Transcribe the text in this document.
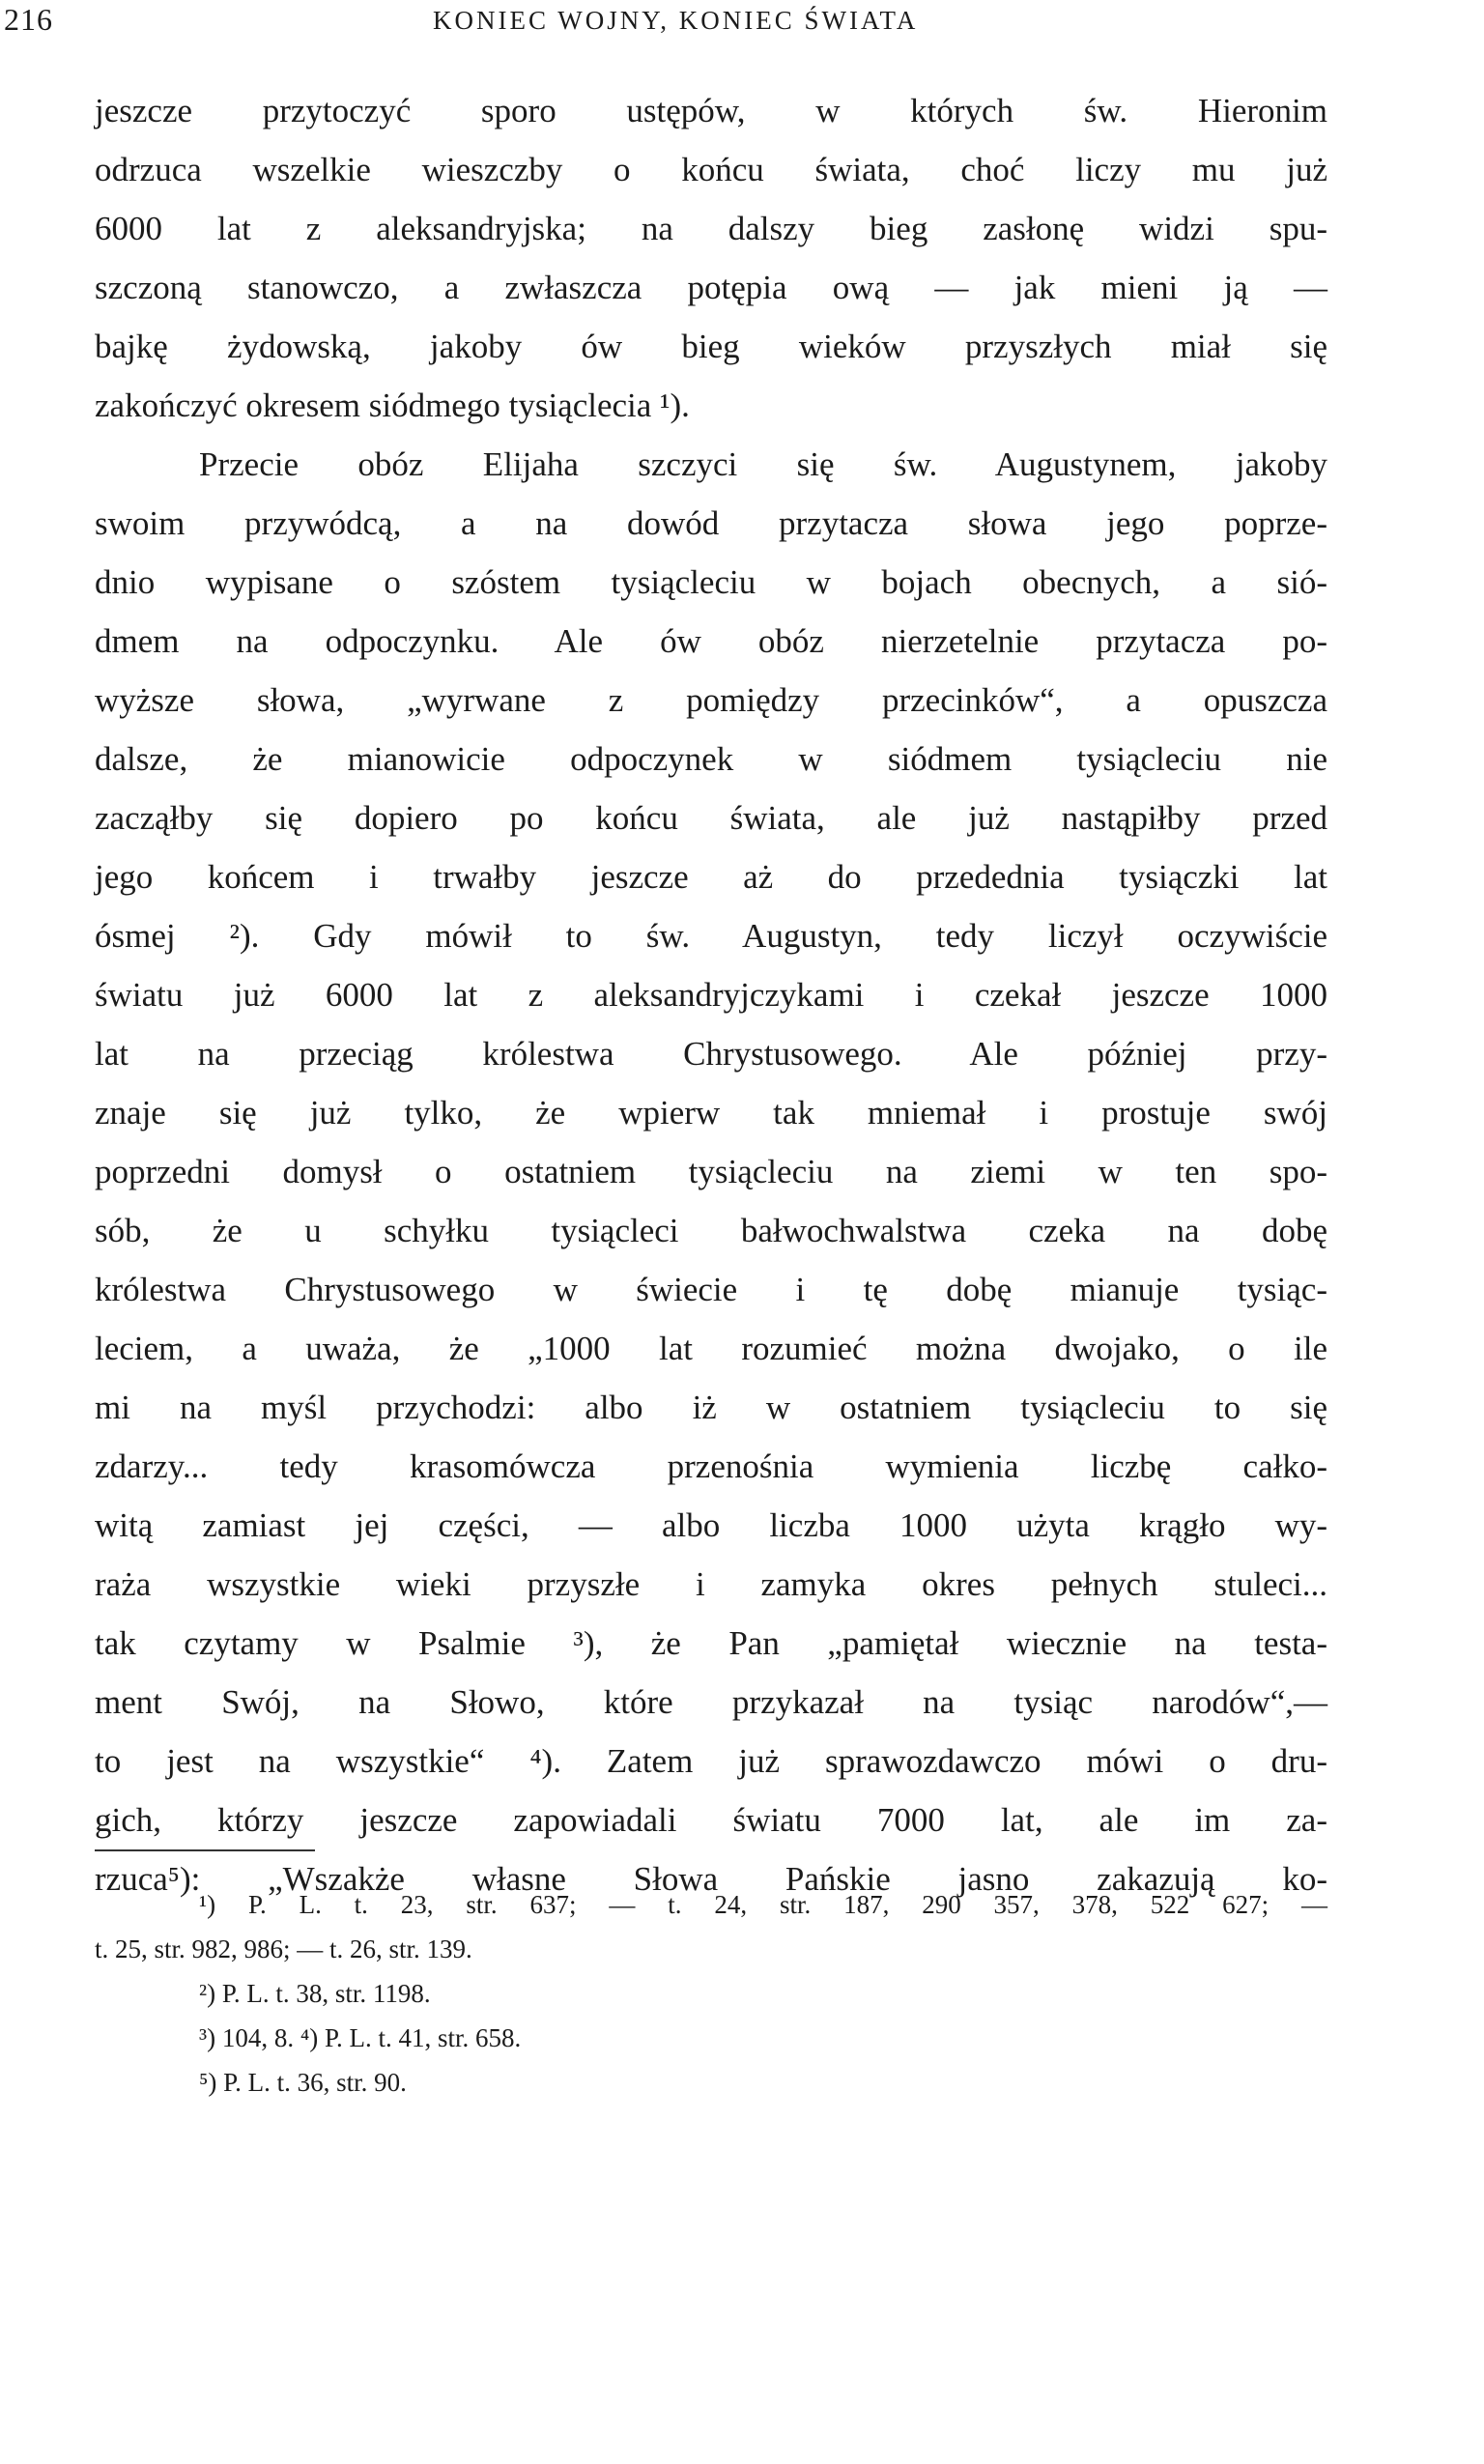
216	KONIEC WOJNY, KONIEC ŚWIATA
jeszcze przytoczyć sporo ustępów, w których św. Hieronim
odrzuca wszelkie wieszczby o końcu świata, choć liczy mu już
6000 lat z aleksandryjska; na dalszy bieg zasłonę widzi spu-
szczoną stanowczo, a zwłaszcza potępia ową — jak mieni ją —
bajkę żydowską, jakoby ów bieg wieków przyszłych miał się
zakończyć okresem siódmego tysiąclecia ¹).
Przecie obóz Elijaha szczyci się św. Augustynem, jakoby
swoim przywódcą, a na dowód przytacza słowa jego poprze-
dnio wypisane o szóstem tysiącleciu w bojach obecnych, a sió-
dmem na odpoczynku. Ale ów obóz nierzetelnie przytacza po-
wyższe słowa, „wyrwane z pomiędzy przecinków“, a opuszcza
dalsze, że mianowicie odpoczynek w siódmem tysiącleciu nie
zacząłby się dopiero po końcu świata, ale już nastąpiłby przed
jego końcem i trwałby jeszcze aż do przedednia tysiączki lat
ósmej ²). Gdy mówił to św. Augustyn, tedy liczył oczywiście
światu już 6000 lat z aleksandryjczykami i czekał jeszcze 1000
lat na przeciąg królestwa Chrystusowego. Ale później przy-
znaje się już tylko, że wpierw tak mniemał i prostuje swój
poprzedni domysł o ostatniem tysiącleciu na ziemi w ten spo-
sób, że u schyłku tysiącleci bałwochwalstwa czeka na dobę
królestwa Chrystusowego w świecie i tę dobę mianuje tysiąc-
leciem, a uważa, że „1000 lat rozumieć można dwojako, o ile
mi na myśl przychodzi: albo iż w ostatniem tysiącleciu to się
zdarzy... tedy krasomówcza przenośnia wymienia liczbę całko-
witą zamiast jej części, — albo liczba 1000 użyta krągło wy-
raża wszystkie wieki przyszłe i zamyka okres pełnych stuleci...
tak czytamy w Psalmie ³), że Pan „pamiętał wiecznie na testa-
ment Swój, na Słowo, które przykazał na tysiąc narodów“,—
to jest na wszystkie“ ⁴). Zatem już sprawozdawczo mówi o dru-
gich, którzy jeszcze zapowiadali światu 7000 lat, ale im za-
rzuca⁵): „Wszakże własne Słowa Pańskie jasno zakazują ko-
¹) P. L. t. 23, str. 637; — t. 24, str. 187, 290 357, 378, 522 627; —
t. 25, str. 982, 986; — t. 26, str. 139.
²) P. L. t. 38, str. 1198.
³) 104, 8. ⁴) P. L. t. 41, str. 658.
⁵) P. L. t. 36, str. 90.
